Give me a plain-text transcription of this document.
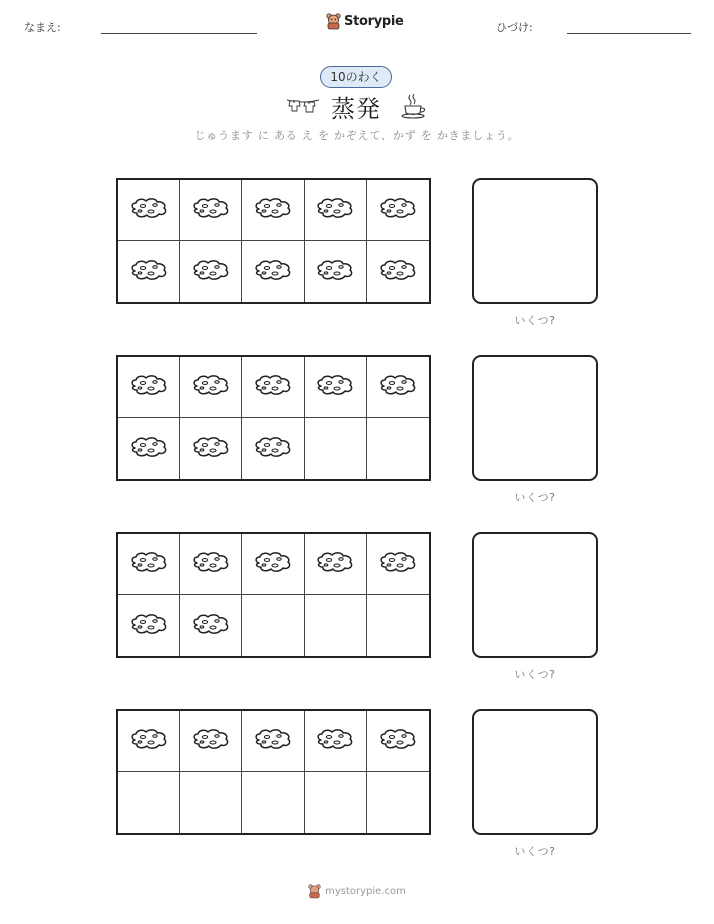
なまえ:	Storypie	ひづけ:
10のわく
蒸発
じゅうます に ある え を かぞえて、かず を かきましょう。
いくつ?
いくつ?
いくつ?
いくつ?
mystorypie.com
